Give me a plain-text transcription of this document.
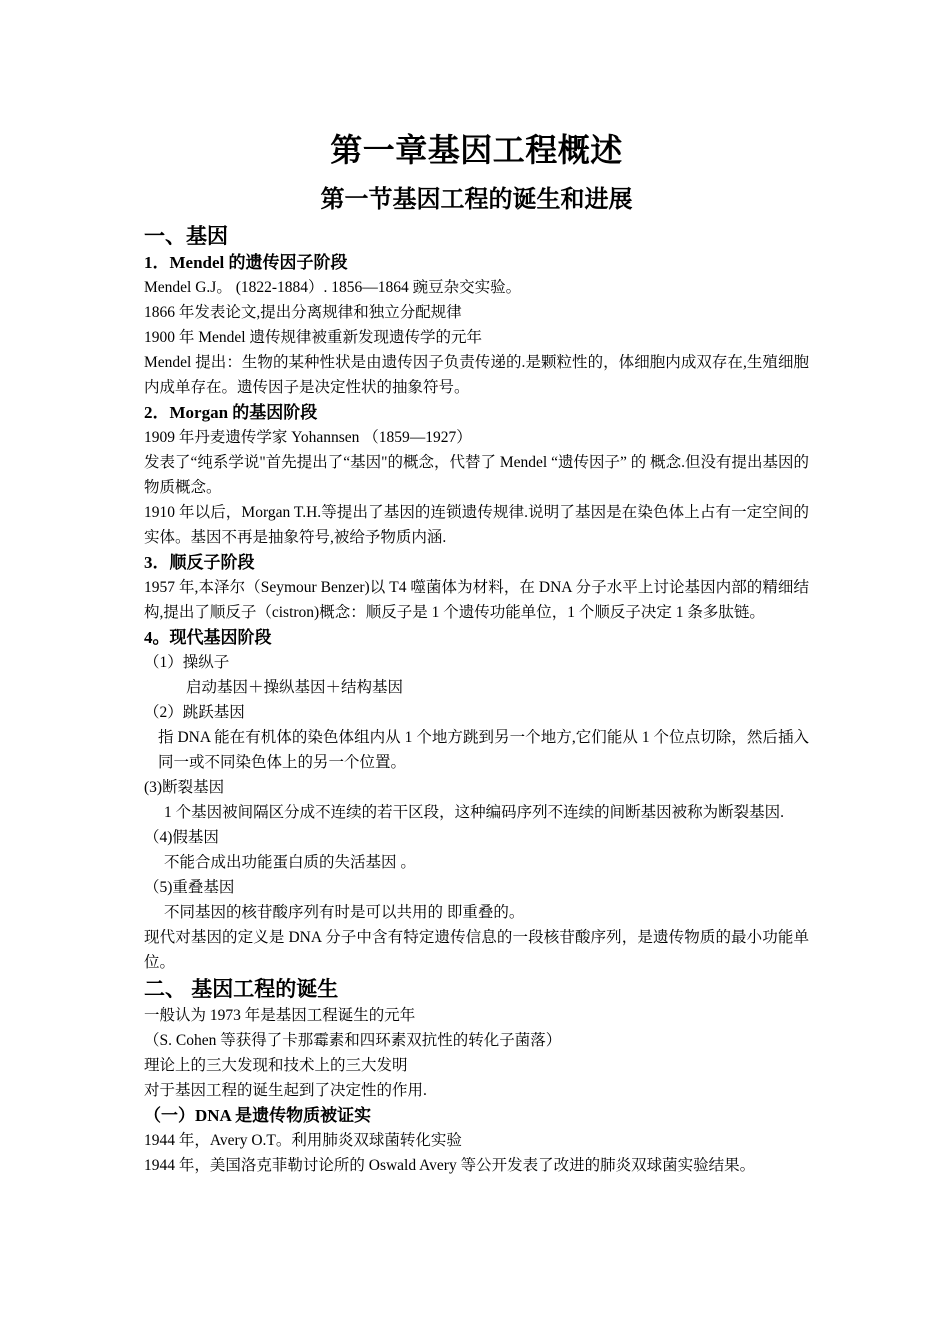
第一章基因工程概述
第一节基因工程的诞生和进展
一、基因
1．Mendel 的遗传因子阶段
Mendel G.J。 (1822-1884）. 1856—1864 豌豆杂交实验。
1866 年发表论文,提出分离规律和独立分配规律
1900 年 Mendel 遗传规律被重新发现遗传学的元年
Mendel 提出：生物的某种性状是由遗传因子负责传递的.是颗粒性的，体细胞内成双存在,生殖细胞内成单存在。遗传因子是决定性状的抽象符号。
2．Morgan 的基因阶段
1909 年丹麦遗传学家 Yohannsen （1859—1927）
发表了“纯系学说"首先提出了“基因"的概念，代替了 Mendel “遗传因子” 的 概念.但没有提出基因的物质概念。
1910 年以后，Morgan T.H.等提出了基因的连锁遗传规律.说明了基因是在染色体上占有一定空间的实体。基因不再是抽象符号,被给予物质内涵.
3．顺反子阶段
1957 年,本泽尔（Seymour Benzer)以 T4 噬菌体为材料，在 DNA 分子水平上讨论基因内部的精细结构,提出了顺反子（cistron)概念：顺反子是 1 个遗传功能单位，1 个顺反子决定 1 条多肽链。
4。现代基因阶段
（1）操纵子
启动基因＋操纵基因＋结构基因
（2）跳跃基因
指 DNA 能在有机体的染色体组内从 1 个地方跳到另一个地方,它们能从 1 个位点切除，然后插入同一或不同染色体上的另一个位置。
(3)断裂基因
1 个基因被间隔区分成不连续的若干区段，这种编码序列不连续的间断基因被称为断裂基因.
（4)假基因
不能合成出功能蛋白质的失活基因 。
（5)重叠基因
不同基因的核苷酸序列有时是可以共用的 即重叠的。
现代对基因的定义是 DNA 分子中含有特定遗传信息的一段核苷酸序列，是遗传物质的最小功能单位。
二、 基因工程的诞生
一般认为 1973 年是基因工程诞生的元年
（S. Cohen 等获得了卡那霉素和四环素双抗性的转化子菌落）
理论上的三大发现和技术上的三大发明
对于基因工程的诞生起到了决定性的作用.
（一）DNA 是遗传物质被证实
1944 年，Avery O.T。利用肺炎双球菌转化实验
1944 年，美国洛克菲勒讨论所的 Oswald Avery 等公开发表了改进的肺炎双球菌实验结果。
